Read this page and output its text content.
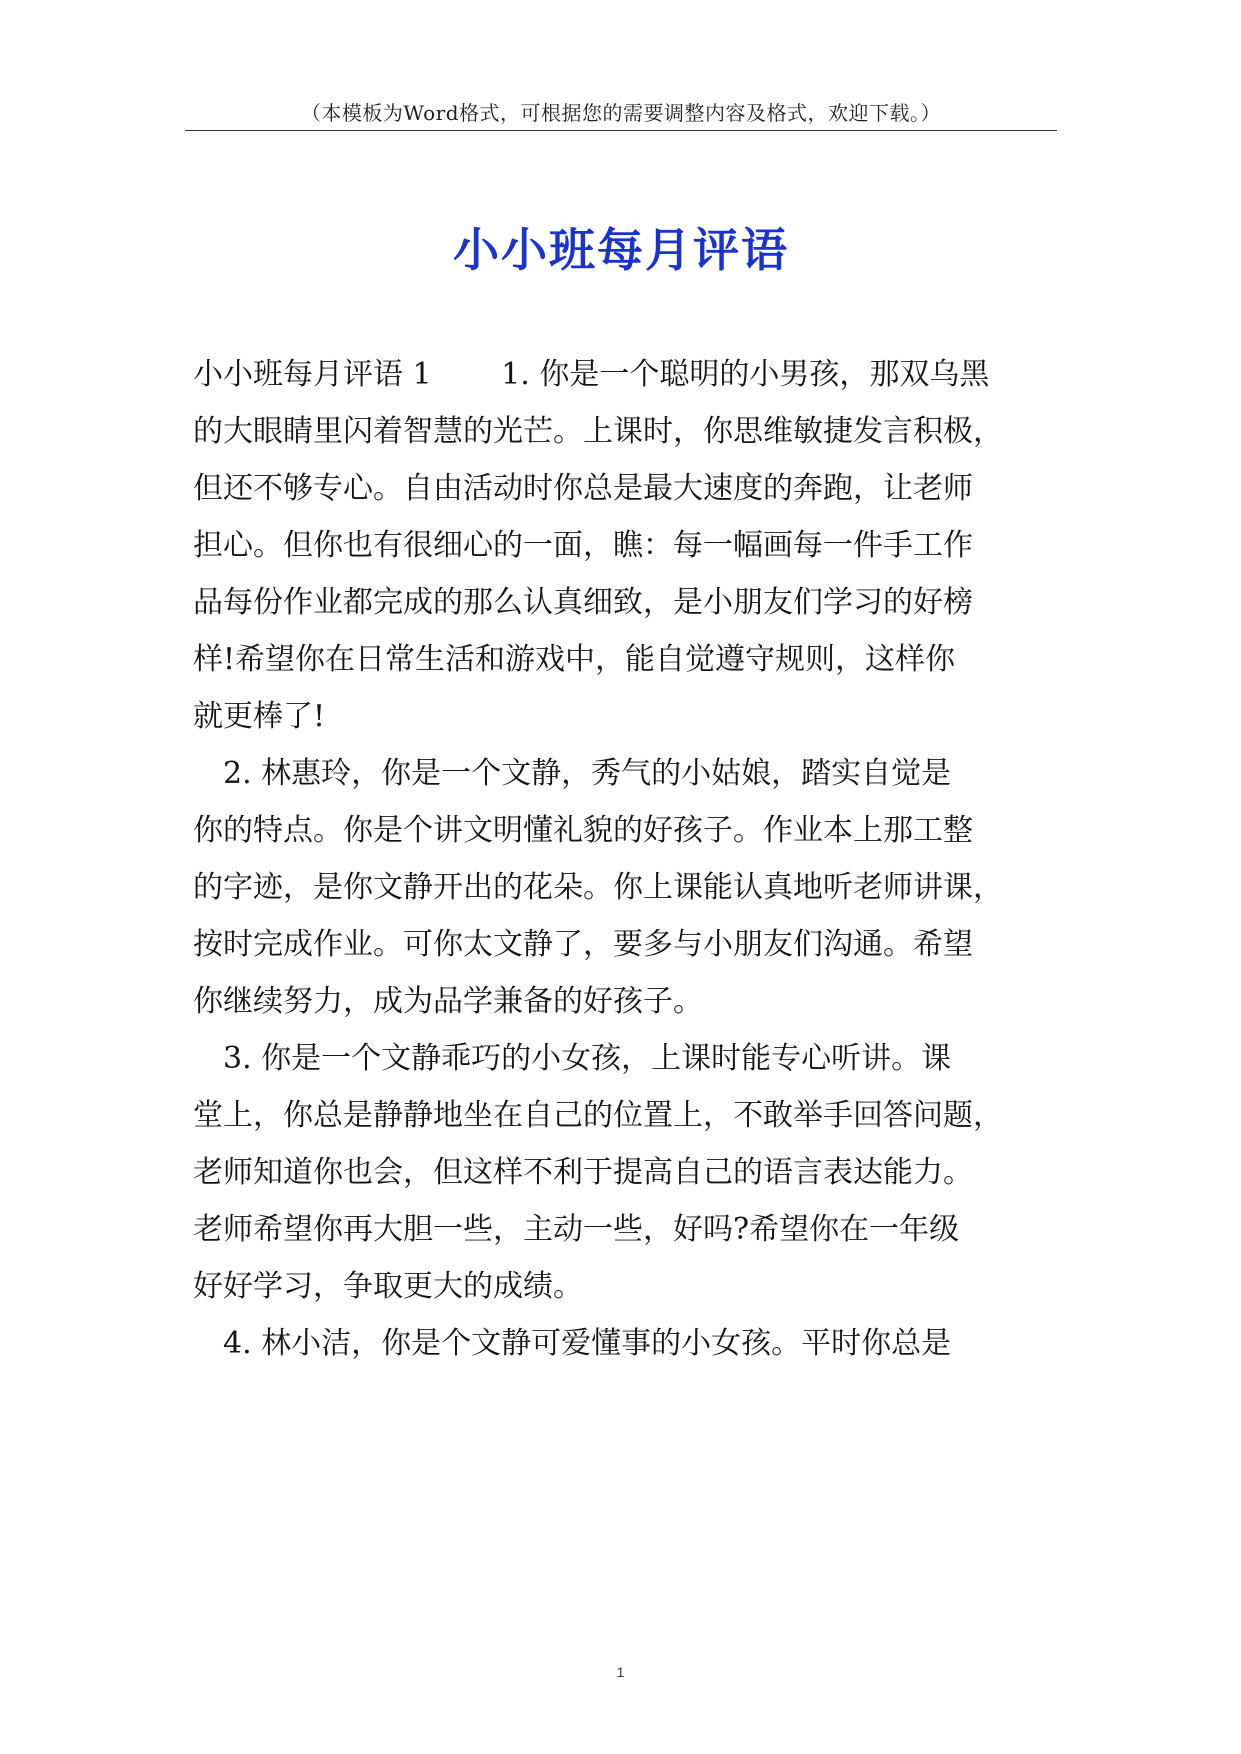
（本模板为Word格式，可根据您的需要调整内容及格式，欢迎下载。）
小小班每月评语
小小班每月评语 1　　 1. 你是一个聪明的小男孩，那双乌黑
的大眼睛里闪着智慧的光芒。上课时，你思维敏捷发言积极，
但还不够专心。自由活动时你总是最大速度的奔跑，让老师
担心。但你也有很细心的一面，瞧：每一幅画每一件手工作
品每份作业都完成的那么认真细致，是小朋友们学习的好榜
样!希望你在日常生活和游戏中，能自觉遵守规则，这样你
就更棒了!
　2. 林惠玲，你是一个文静，秀气的小姑娘，踏实自觉是
你的特点。你是个讲文明懂礼貌的好孩子。作业本上那工整
的字迹，是你文静开出的花朵。你上课能认真地听老师讲课，
按时完成作业。可你太文静了，要多与小朋友们沟通。希望
你继续努力，成为品学兼备的好孩子。
　3. 你是一个文静乖巧的小女孩，上课时能专心听讲。课
堂上，你总是静静地坐在自己的位置上，不敢举手回答问题，
老师知道你也会，但这样不利于提高自己的语言表达能力。
老师希望你再大胆一些，主动一些，好吗?希望你在一年级
好好学习，争取更大的成绩。
　4. 林小洁，你是个文静可爱懂事的小女孩。平时你总是
1
